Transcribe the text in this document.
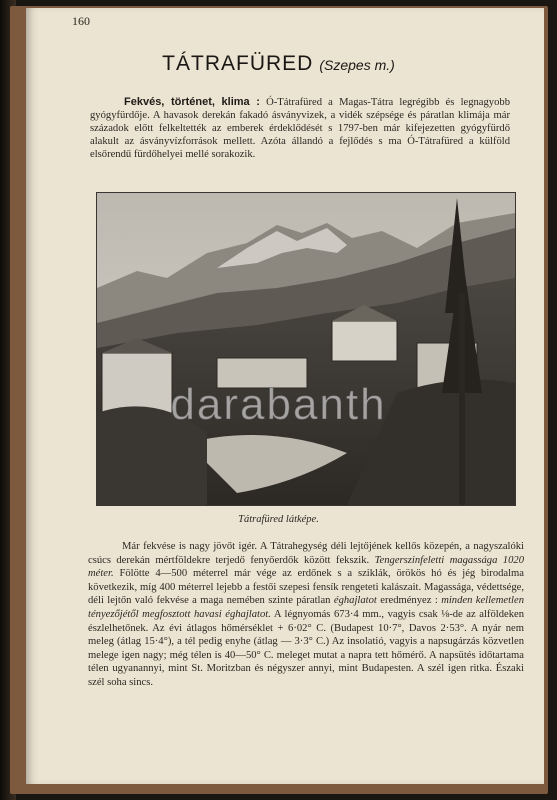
160
TÁTRAFÜRED (Szepes m.)
Fekvés, történet, klima : Ó-Tátrafüred a Magas-Tátra legrégibb és legnagyobb gyógyfürdője. A havasok derekán fakadó ásványvizek, a vidék szépsége és páratlan klimája már századok előtt felkeltették az emberek érdeklődését s 1797-ben már kifejezetten gyógyfürdő alakult az ásványvízforrások mellett. Azóta állandó a fejlődés s ma Ó-Tátrafüred a külföld elsőrendű fürdőhelyei mellé sorakozik.
darabanth
Tátrafüred látképe.

Már fekvése is nagy jövőt igér. A Tátrahegység déli lejtőjének kellős közepén, a nagyszalóki csúcs derekán mértföldekre terjedő fenyőerdők között fekszik. Tengerszinfeletti magassága 1020 méter. Fölötte 4—500 méterrel már vége az erdőnek s a sziklák, örökös hó és jég birodalma következik, míg 400 méterrel lejebb a festői szepesi fensík rengeteti kalászait. Magassága, védettsége, déli lejtőn való fekvése a maga nemében szinte páratlan éghajlatot eredményez : minden kellemetlen tényezőjétől megfosztott havasi éghajlatot. A légnyomás 673·4 mm., vagyis csak ⅛-de az alföldeken észlelhetőnek. Az évi átlagos hőmérséklet + 6·02° C. (Budapest 10·7°, Davos 2·53°. A nyár nem meleg (átlag 15·4°), a tél pedig enyhe (átlag — 3·3° C.) Az insolatió, vagyis a napsugárzás közvetlen melege igen nagy; még télen is 40—50° C. meleget mutat a napra tett hőmérő. A napsütés időtartama télen ugyanannyi, mint St. Moritzban és négyszer annyi, mint Budapesten. A szél igen ritka. Északi szél soha sincs.
